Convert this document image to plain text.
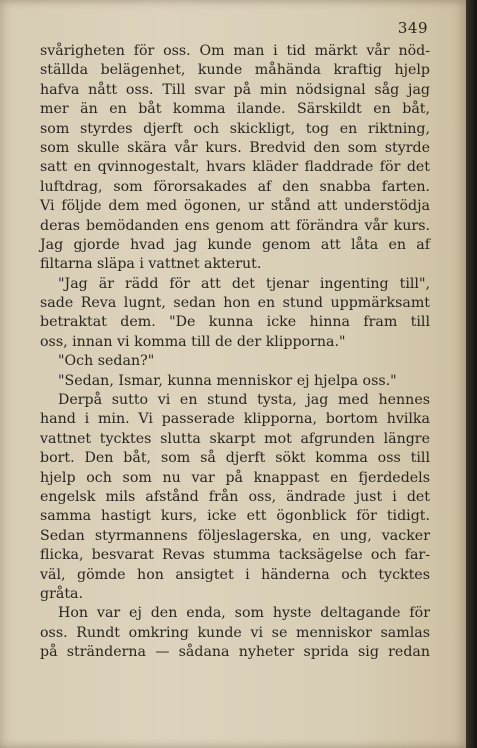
349
svårigheten för oss. Om man i tid märkt vår nöd-
ställda belägenhet, kunde måhända kraftig hjelp
hafva nått oss. Till svar på min nödsignal såg jag
mer än en båt komma ilande. Särskildt en båt,
som styrdes djerft och skickligt, tog en riktning,
som skulle skära vår kurs. Bredvid den som styrde
satt en qvinnogestalt, hvars kläder fladdrade för det
luftdrag, som förorsakades af den snabba farten.
Vi följde dem med ögonen, ur stånd att understödja
deras bemödanden ens genom att förändra vår kurs.
Jag gjorde hvad jag kunde genom att låta en af
filtarna släpa i vattnet akterut.
"Jag är rädd för att det tjenar ingenting till",
sade Reva lugnt, sedan hon en stund uppmärksamt
betraktat dem. "De kunna icke hinna fram till
oss, innan vi komma till de der klipporna."
"Och sedan?"
"Sedan, Ismar, kunna menniskor ej hjelpa oss."
Derpå sutto vi en stund tysta, jag med hennes
hand i min. Vi passerade klipporna, bortom hvilka
vattnet tycktes slutta skarpt mot afgrunden längre
bort. Den båt, som så djerft sökt komma oss till
hjelp och som nu var på knappast en fjerdedels
engelsk mils afstånd från oss, ändrade just i det
samma hastigt kurs, icke ett ögonblick för tidigt.
Sedan styrmannens följeslagerska, en ung, vacker
flicka, besvarat Revas stumma tacksägelse och far-
väl, gömde hon ansigtet i händerna och tycktes
gråta.
Hon var ej den enda, som hyste deltagande för
oss. Rundt omkring kunde vi se menniskor samlas
på stränderna — sådana nyheter sprida sig redan
